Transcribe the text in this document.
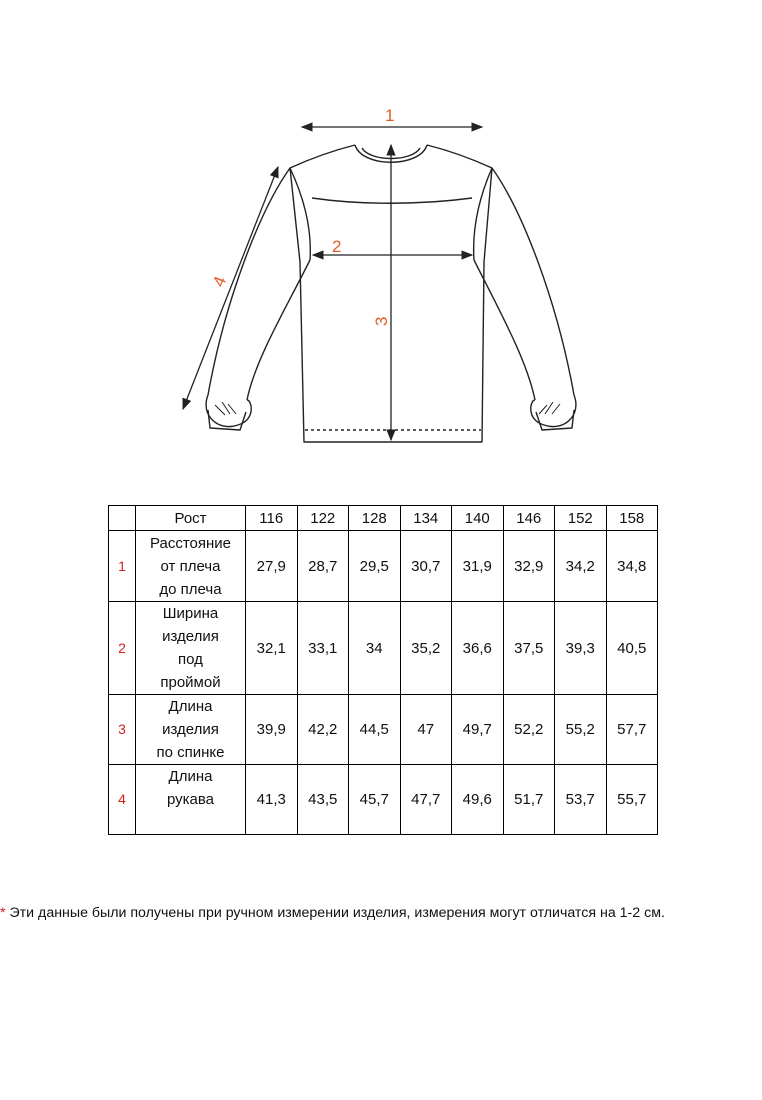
1
2
3
4
	Рост	116	122	128	134	140	146	152	158
1	Расстояние
от плеча
до плеча	27,9	28,7	29,5	30,7	31,9	32,9	34,2	34,8
2	Ширина
изделия
под
проймой	32,1	33,1	34	35,2	36,6	37,5	39,3	40,5
3	Длина
изделия
по спинке	39,9	42,2	44,5	47	49,7	52,2	55,2	57,7
4	Длина
рукава	41,3	43,5	45,7	47,7	49,6	51,7	53,7	55,7
* Эти данные были получены при ручном измерении изделия, измерения могут отличатся на 1-2 см.
